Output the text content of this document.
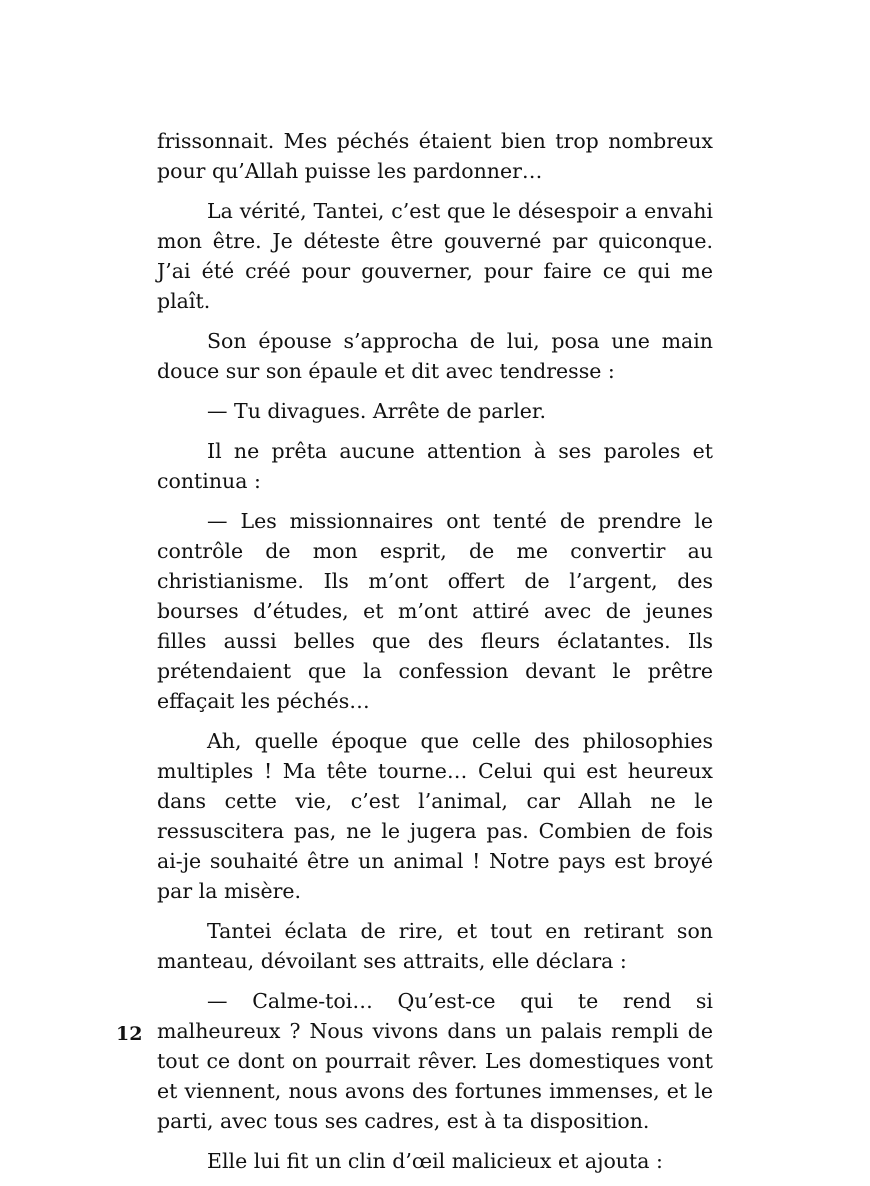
frissonnait. Mes péchés étaient bien trop nombreux pour qu’Allah puisse les pardonner…

La vérité, Tantei, c’est que le désespoir a envahi mon être. Je déteste être gouverné par quiconque. J’ai été créé pour gouverner, pour faire ce qui me plaît.

Son épouse s’approcha de lui, posa une main douce sur son épaule et dit avec tendresse :

— Tu divagues. Arrête de parler.

Il ne prêta aucune attention à ses paroles et continua :

— Les missionnaires ont tenté de prendre le contrôle de mon esprit, de me convertir au christianisme. Ils m’ont offert de l’argent, des bourses d’études, et m’ont attiré avec de jeunes filles aussi belles que des fleurs éclatantes. Ils prétendaient que la confession devant le prêtre effaçait les péchés…

Ah, quelle époque que celle des philosophies multiples ! Ma tête tourne… Celui qui est heureux dans cette vie, c’est l’animal, car Allah ne le ressuscitera pas, ne le jugera pas. Combien de fois ai-je souhaité être un animal ! Notre pays est broyé par la misère.

Tantei éclata de rire, et tout en retirant son manteau, dévoilant ses attraits, elle déclara :

— Calme-toi… Qu’est-ce qui te rend si malheureux ? Nous vivons dans un palais rempli de tout ce dont on pourrait rêver. Les domestiques vont et viennent, nous avons des fortunes immenses, et le parti, avec tous ses cadres, est à ta disposition.

Elle lui fit un clin d’œil malicieux et ajouta :

12
